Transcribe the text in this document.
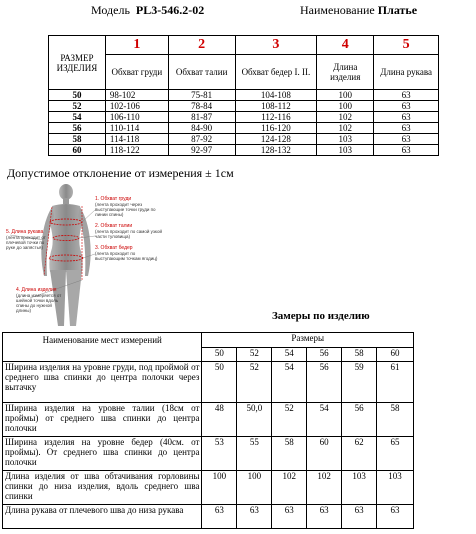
Модель PL3-546.2-02	Наименование Платье
РАЗМЕР ИЗДЕЛИЯ	1	2	3	4	5
	Обхват груди	Обхват талии	Обхват бедер I. II.	Длина изделия	Длина рукава
50	98-102	75-81	104-108	100	63
52	102-106	78-84	108-112	100	63
54	106-110	81-87	112-116	102	63
56	110-114	84-90	116-120	102	63
58	114-118	87-92	124-128	103	63
60	118-122	92-97	128-132	103	63
Допустимое отклонение от измерения ± 1см
1. Обхват груди
(лента проходит через выступающие точки груди по линии спины)
2. Обхват талии
(лента проходит по самой узкой части туловища)
3. Обхват бедер
(лента проходит по выступающим точкам ягодиц)
5. Длина рукава
(лента проходит от плечевой точки по руке до запястья)
4. Длина изделия
(длина измеряется от шейной точки вдоль спины до нужной длины)	Замеры по изделию
Наименование мест измерений	Размеры					
	50	52	54	56	58	60
Ширина изделия на уровне груди, под проймой от среднего шва спинки до центра полочки через вытачку	50	52	54	56	59	61
Ширина изделия на уровне талии (18см от проймы) от среднего шва спинки до центра полочки	48	50,0	52	54	56	58
Ширина изделия на уровне бедер (40см. от проймы). От среднего шва спинки до центра полочки	53	55	58	60	62	65
Длина изделия от шва обтачивания горловины спинки до низа изделия, вдоль среднего шва спинки	100	100	102	102	103	103
Длина рукава от плечевого шва до низа рукава	63	63	63	63	63	63
